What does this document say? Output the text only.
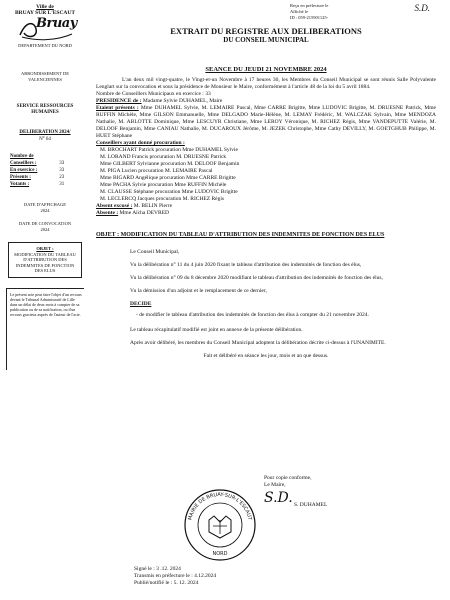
Ville de
BRUAY SUR L'ESCAUT
Bruay
DEPARTEMENT DU NORD
ARRONDISSEMENT DE VALENCIENNES
SERVICE RESSOURCES HUMAINES
DELIBERATION 2024/
N° 64
Nombre de Conseillers :	33
En exercice :	33
Présents :	23
Votants :	31
DATE D'AFFICHAGE
2024
DATE DE CONVOCATION
2024
OBJET :
MODIFICATION DU TABLEAU D'ATTRIBUTION DES INDEMNITES DE FONCTION DES ELUS
Le présent acte peut faire l'objet d'un recours devant le Tribunal Administratif de Lille dans un délai de deux mois à compter de sa publication ou de sa notification, ou d'un recours gracieux auprès de l'auteur de l'acte.
Reçu en préfecture le
Affiché le
ID : 059-215901125-
S.D.
EXTRAIT DU REGISTRE AUX DELIBERATIONS
DU CONSEIL MUNICIPAL
SEANCE DU JEUDI 21 NOVEMBRE 2024
L'an deux mil vingt-quatre, le Vingt-et-un Novembre à 17 heures 30, les Membres du Conseil Municipal se sont réunis Salle Polyvalente Lenglart sur la convocation et sous la présidence de Monsieur le Maire, conformément à l'article 48 de la loi du 5 avril 1884.
Nombre de Conseillers Municipaux en exercice : 33
PRESIDENCE de : Madame Sylvie DUHAMEL, Maire
Etaient présents : Mme DUHAMEL Sylvie, M. LEMAIRE Pascal, Mme CARRE Brigitte, Mme LUDOVIC Brigitte, M. DRUESNE Patrick, Mme RUFFIN Michèle, Mme GILSON Emmanuelle, Mme DELGADO Marie-Hélène, M. LEMAY Frédéric, M. WALCZAK Sylvain, Mme MENDOZA Nathalie, M. ABLOTTE Dominique, Mme LESCUYR Christiane, Mme LEROY Véronique, M. RICHEZ Régis, Mme VANDEPUTTE Valérie, M. DELOOF Benjamin, Mme CANIAU Nathalie, M. DUCAROUX Jérôme, M. JEZEK Christophe, Mme Cathy DEVILLY, M. GOETGHUB Philippe, M. HUET Stéphane
Conseillers ayant donné procuration :
M. BROCHART Patrick procuration Mme DUHAMEL Sylvie
M. LORAND Francis procuration M. DRUESNE Patrick
Mme GILBERT Sylvianne procuration M. DELOOF Benjamin
M. PIGA Lucien procuration M. LEMAIRE Pascal
Mme BIGARD Angélique procuration Mme CARRE Brigitte
Mme PACHA Sylvie procuration Mme RUFFIN Michèle
M. CLAUSSE Stéphane procuration Mme LUDOVIC Brigitte
M. LECLERCQ Jacques procuration M. RICHEZ Régis
Absent excusé : M. BELIN Pierre
Absente : Mme Aïcha DEVRED
OBJET : MODIFICATION DU TABLEAU D'ATTRIBUTION DES INDEMNITES DE FONCTION DES ELUS

Le Conseil Municipal,

Vu la délibération n° 11 du 4 juin 2020 fixant le tableau d'attribution des indemnités de fonction des élus,

Vu la délibération n° 09 du 8 décembre 2020 modifiant le tableau d'attribution des indemnités de fonction des élus,

Vu la démission d'un adjoint et le remplacement de ce dernier,

DECIDE
- de modifier le tableau d'attribution des indemnités de fonction des élus à compter du 21 novembre 2024.

Le tableau récapitulatif modifié est joint en annexe de la présente délibération.

Après avoir délibéré, les membres du Conseil Municipal adoptent la délibération décrite ci-dessus à l'UNANIMITE.

Fait et délibéré en séance les jour, mois et an que dessus.
MAIRIE DE BRUAY-SUR-L'ESCAUT
NORD
Pour copie conforme,
Le Maire,
S.D. S. DUHAMEL
Signé le : 3 .12. 2024
Transmis en préfecture le : 4.12.2024
Publié/notifié le : 5. 12. 2024
